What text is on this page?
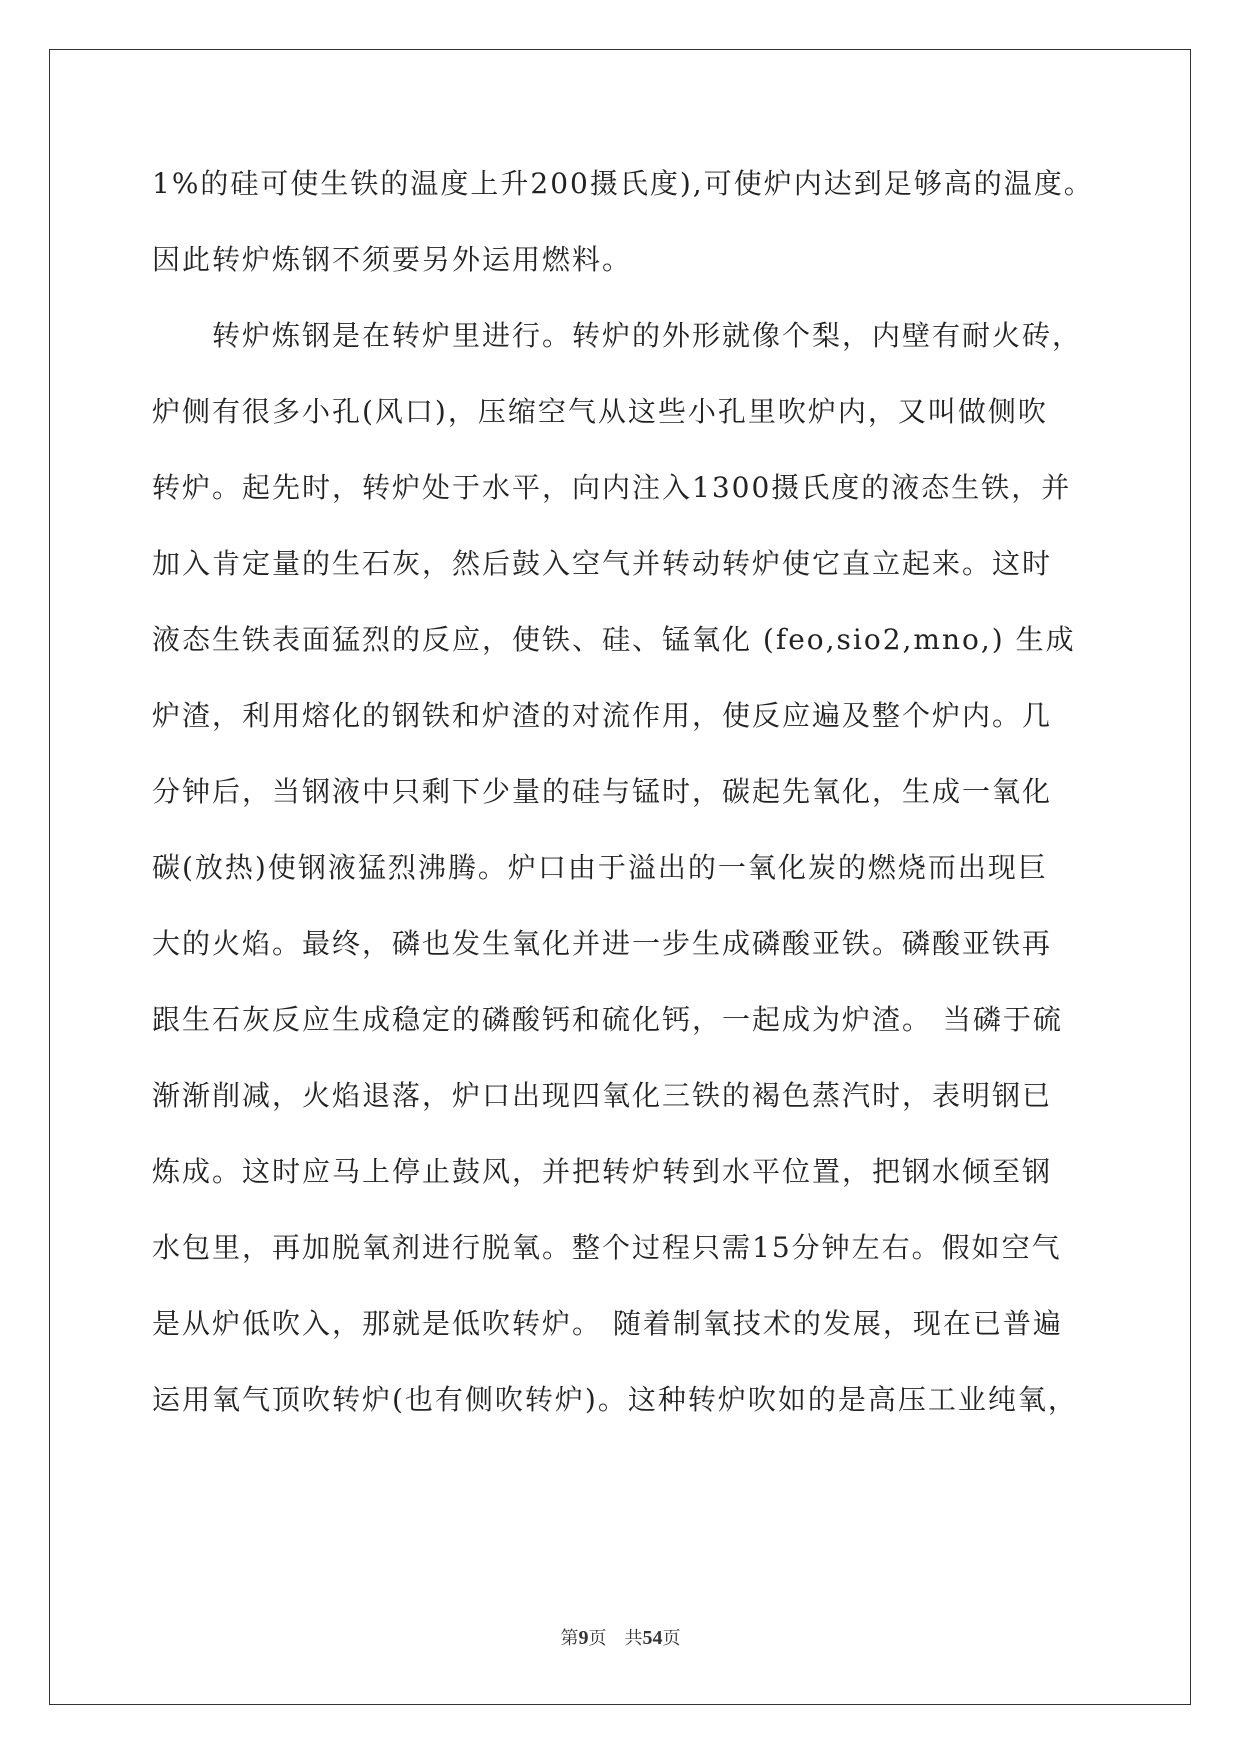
1%的硅可使生铁的温度上升200摄氏度),可使炉内达到足够高的温度。
因此转炉炼钢不须要另外运用燃料。
　　转炉炼钢是在转炉里进行。转炉的外形就像个梨，内壁有耐火砖，
炉侧有很多小孔(风口)，压缩空气从这些小孔里吹炉内，又叫做侧吹
转炉。起先时，转炉处于水平，向内注入1300摄氏度的液态生铁，并
加入肯定量的生石灰，然后鼓入空气并转动转炉使它直立起来。这时
液态生铁表面猛烈的反应，使铁、硅、锰氧化 (feo,sio2,mno,) 生成
炉渣，利用熔化的钢铁和炉渣的对流作用，使反应遍及整个炉内。几
分钟后，当钢液中只剩下少量的硅与锰时，碳起先氧化，生成一氧化
碳(放热)使钢液猛烈沸腾。炉口由于溢出的一氧化炭的燃烧而出现巨
大的火焰。最终，磷也发生氧化并进一步生成磷酸亚铁。磷酸亚铁再
跟生石灰反应生成稳定的磷酸钙和硫化钙，一起成为炉渣。 当磷于硫
渐渐削减，火焰退落，炉口出现四氧化三铁的褐色蒸汽时，表明钢已
炼成。这时应马上停止鼓风，并把转炉转到水平位置，把钢水倾至钢
水包里，再加脱氧剂进行脱氧。整个过程只需15分钟左右。假如空气
是从炉低吹入，那就是低吹转炉。 随着制氧技术的发展，现在已普遍
运用氧气顶吹转炉(也有侧吹转炉)。这种转炉吹如的是高压工业纯氧，
第9页　 共54页
